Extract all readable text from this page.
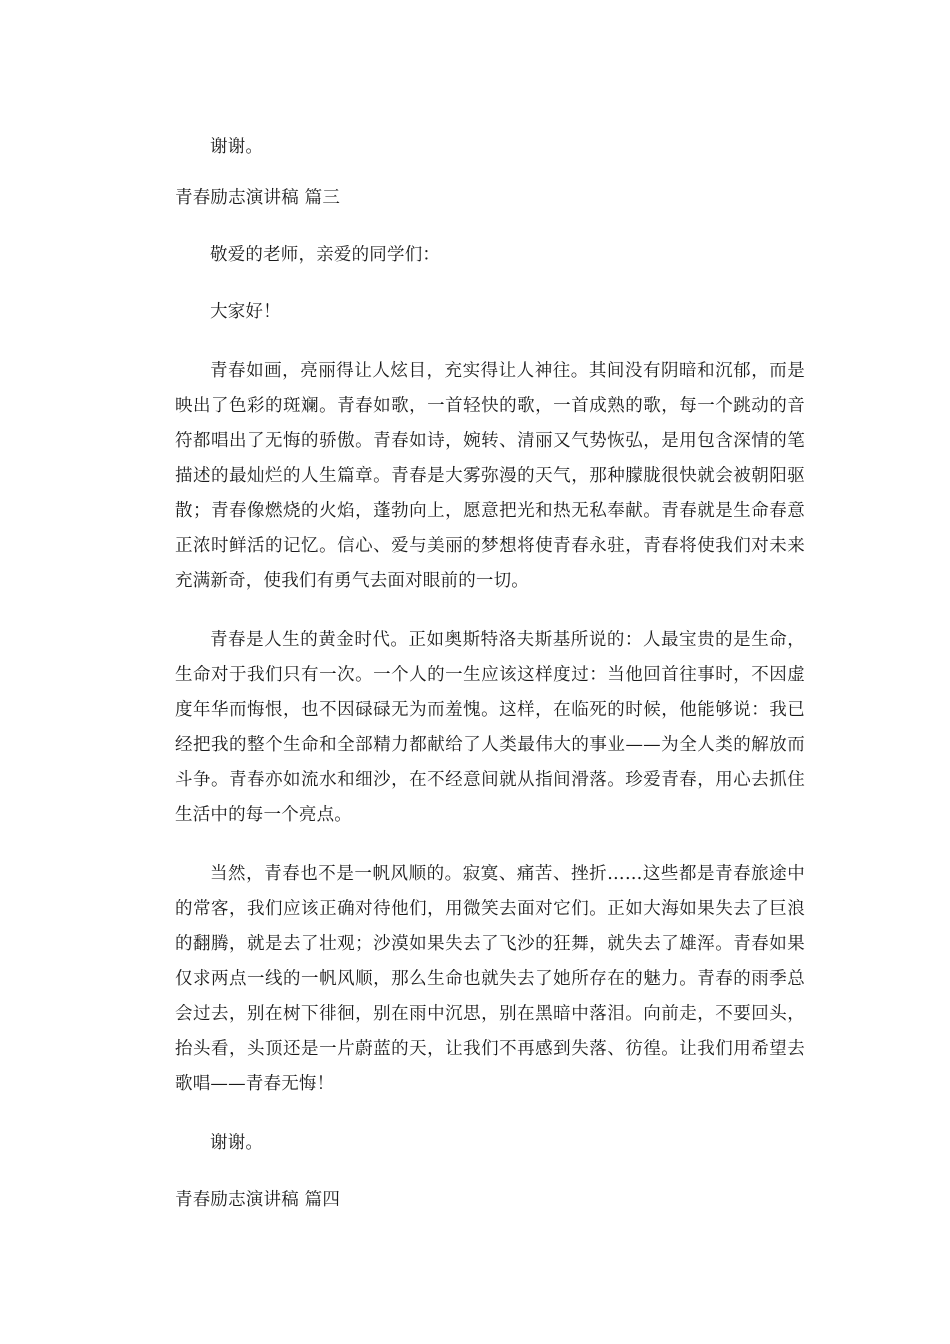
谢谢。

青春励志演讲稿 篇三

敬爱的老师，亲爱的同学们：

大家好！

青春如画，亮丽得让人炫目，充实得让人神往。其间没有阴暗和沉郁，而是映出了色彩的斑斓。青春如歌，一首轻快的歌，一首成熟的歌，每一个跳动的音符都唱出了无悔的骄傲。青春如诗，婉转、清丽又气势恢弘，是用包含深情的笔描述的最灿烂的人生篇章。青春是大雾弥漫的天气，那种朦胧很快就会被朝阳驱散；青春像燃烧的火焰，蓬勃向上，愿意把光和热无私奉献。青春就是生命春意正浓时鲜活的记忆。信心、爱与美丽的梦想将使青春永驻，青春将使我们对未来充满新奇，使我们有勇气去面对眼前的一切。

青春是人生的黄金时代。正如奥斯特洛夫斯基所说的：人最宝贵的是生命，生命对于我们只有一次。一个人的一生应该这样度过：当他回首往事时，不因虚度年华而悔恨，也不因碌碌无为而羞愧。这样，在临死的时候，他能够说：我已经把我的整个生命和全部精力都献给了人类最伟大的事业——为全人类的解放而斗争。青春亦如流水和细沙，在不经意间就从指间滑落。珍爱青春，用心去抓住生活中的每一个亮点。

当然，青春也不是一帆风顺的。寂寞、痛苦、挫折……这些都是青春旅途中的常客，我们应该正确对待他们，用微笑去面对它们。正如大海如果失去了巨浪的翻腾，就是去了壮观；沙漠如果失去了飞沙的狂舞，就失去了雄浑。青春如果仅求两点一线的一帆风顺，那么生命也就失去了她所存在的魅力。青春的雨季总会过去，别在树下徘徊，别在雨中沉思，别在黑暗中落泪。向前走，不要回头，抬头看，头顶还是一片蔚蓝的天，让我们不再感到失落、彷徨。让我们用希望去歌唱——青春无悔！

谢谢。

青春励志演讲稿 篇四
